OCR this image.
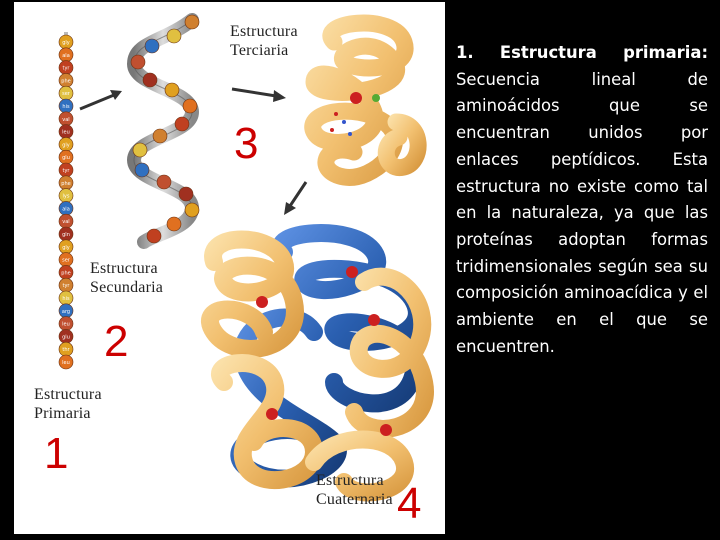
gly
ala
tyr
phe
ser
his
val
leu
gly
glu
tyr
phe
lys
ala
val
gln
gly
ser
phe
tyr
his
arg
leu
glu
thr
leu
Estructura
Terciaria
Estructura
Secundaria
Estructura
Primaria
Estructura
Cuaternaria
1
2
3
4
1. Estructura primaria: Secuencia lineal de aminoácidos que se encuentran unidos por enlaces peptídicos. Esta estructura no existe como tal en la naturaleza, ya que las proteínas adoptan formas tridimensionales según sea su composición aminoacídica y el ambiente en el que se encuentren.
